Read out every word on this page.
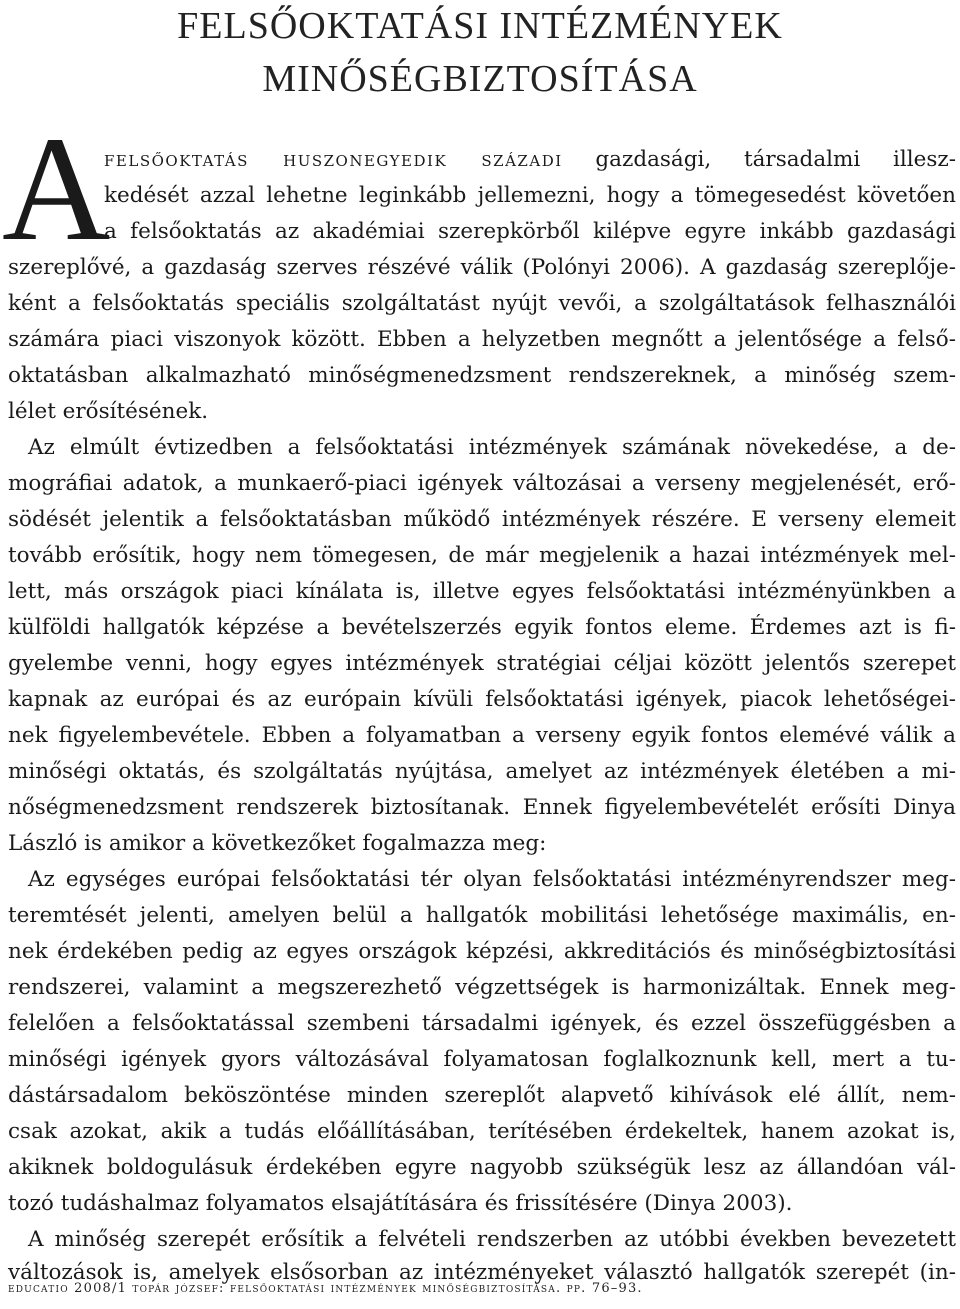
FELSŐOKTATÁSI INTÉZMÉNYEK
MINŐSÉGBIZTOSÍTÁSA
A
felsőoktatás huszonegyedik századi gazdasági, társadalmi illesz-
kedését azzal lehetne leginkább jellemezni, hogy a tömegesedést követően
a felsőoktatás az akadémiai szerepkörből kilépve egyre inkább gazdasági
szereplővé, a gazdaság szerves részévé válik (Polónyi 2006). A gazdaság szereplője-
ként a felsőoktatás speciális szolgáltatást nyújt vevői, a szolgáltatások felhasználói
számára piaci viszonyok között. Ebben a helyzetben megnőtt a jelentősége a felső-
oktatásban alkalmazható minőségmenedzsment rendszereknek, a minőség szem-
lélet erősítésének.
Az elmúlt évtizedben a felsőoktatási intézmények számának növekedése, a de-
mográfiai adatok, a munkaerő-piaci igények változásai a verseny megjelenését, erő-
södését jelentik a felsőoktatásban működő intézmények részére. E verseny elemeit
tovább erősítik, hogy nem tömegesen, de már megjelenik a hazai intézmények mel-
lett, más országok piaci kínálata is, illetve egyes felsőoktatási intézményünkben a
külföldi hallgatók képzése a bevételszerzés egyik fontos eleme. Érdemes azt is fi-
gyelembe venni, hogy egyes intézmények stratégiai céljai között jelentős szerepet
kapnak az európai és az európain kívüli felsőoktatási igények, piacok lehetőségei-
nek figyelembevétele. Ebben a folyamatban a verseny egyik fontos elemévé válik a
minőségi oktatás, és szolgáltatás nyújtása, amelyet az intézmények életében a mi-
nőségmenedzsment rendszerek biztosítanak. Ennek figyelembevételét erősíti Dinya
László is amikor a következőket fogalmazza meg:
Az egységes európai felsőoktatási tér olyan felsőoktatási intézményrendszer meg-
teremtését jelenti, amelyen belül a hallgatók mobilitási lehetősége maximális, en-
nek érdekében pedig az egyes országok képzési, akkreditációs és minőségbiztosítási
rendszerei, valamint a megszerezhető végzettségek is harmonizáltak. Ennek meg-
felelően a felsőoktatással szembeni társadalmi igények, és ezzel összefüggésben a
minőségi igények gyors változásával folyamatosan foglalkoznunk kell, mert a tu-
dástársadalom beköszöntése minden szereplőt alapvető kihívások elé állít, nem-
csak azokat, akik a tudás előállításában, terítésében érdekeltek, hanem azokat is,
akiknek boldogulásuk érdekében egyre nagyobb szükségük lesz az állandóan vál-
tozó tudáshalmaz folyamatos elsajátítására és frissítésére (Dinya 2003).
A minőség szerepét erősítik a felvételi rendszerben az utóbbi években bevezetett
változások is, amelyek elsősorban az intézményeket választó hallgatók szerepét (in-
educatio 2008/1 topár józsef: felsőoktatási intézmények minőségbiztosítása. pp. 76–93.
